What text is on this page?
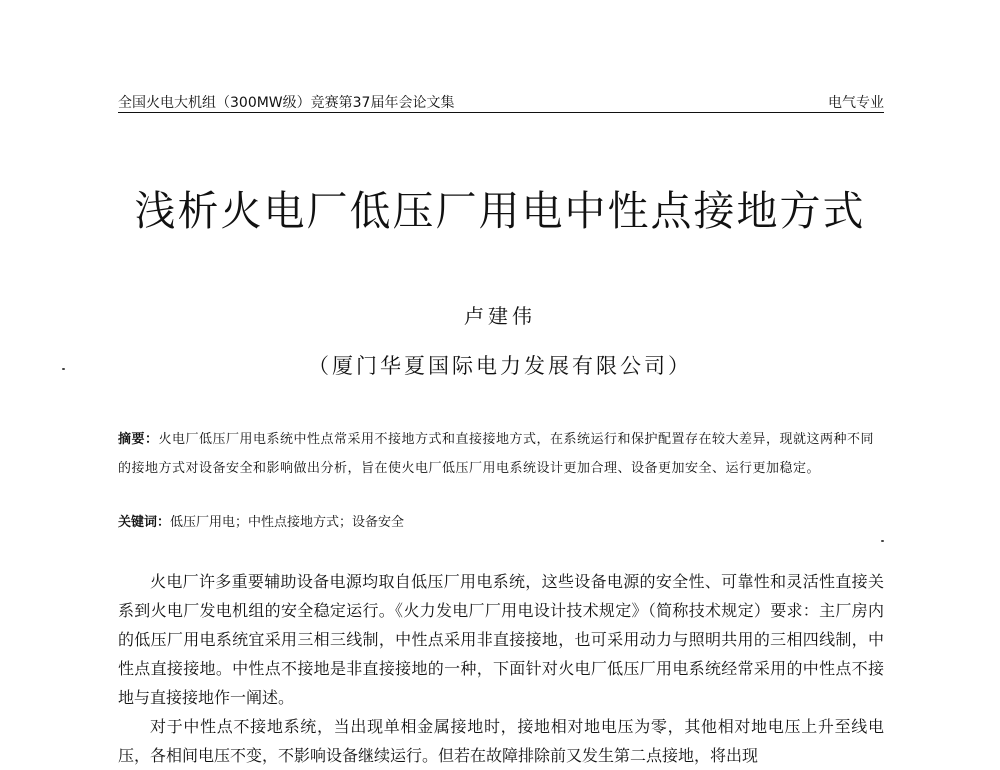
全国火电大机组（300MW级）竞赛第37届年会论文集	电气专业
浅析火电厂低压厂用电中性点接地方式
卢建伟
（厦门华夏国际电力发展有限公司）
摘要：火电厂低压厂用电系统中性点常采用不接地方式和直接接地方式，在系统运行和保护配置存在较大差异，现就这两种不同的接地方式对设备安全和影响做出分析，旨在使火电厂低压厂用电系统设计更加合理、设备更加安全、运行更加稳定。
关键词：低压厂用电；中性点接地方式；设备安全

火电厂许多重要辅助设备电源均取自低压厂用电系统，这些设备电源的安全性、可靠性和灵活性直接关系到火电厂发电机组的安全稳定运行。《火力发电厂厂用电设计技术规定》（简称技术规定）要求：主厂房内的低压厂用电系统宜采用三相三线制，中性点采用非直接接地，也可采用动力与照明共用的三相四线制，中性点直接接地。中性点不接地是非直接接地的一种，下面针对火电厂低压厂用电系统经常采用的中性点不接地与直接接地作一阐述。

对于中性点不接地系统，当出现单相金属接地时，接地相对地电压为零，其他相对地电压上升至线电压，各相间电压不变，不影响设备继续运行。但若在故障排除前又发生第二点接地，将出现
